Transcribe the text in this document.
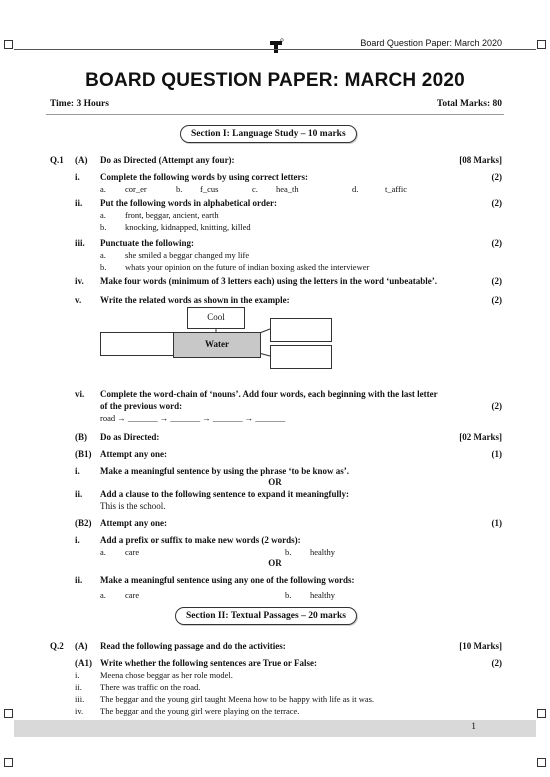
Board Question Paper: March 2020
BOARD QUESTION PAPER: MARCH 2020
Time: 3 Hours	Total Marks: 80
Section I: Language Study – 10 marks
Q.1 (A) Do as Directed (Attempt any four):	[08 Marks]
i. Complete the following words by using correct letters:	(2)
a. cor_er	b. f_cus	c. hea_th	d.	t_affic
ii. Put the following words in alphabetical order:	(2)
a. front, beggar, ancient, earth
b. knocking, kidnapped, knitting, killed
iii. Punctuate the following:	(2)
a. she smiled a beggar changed my life
b. whats your opinion on the future of indian boxing asked the interviewer
iv. Make four words (minimum of 3 letters each) using the letters in the word ‘unbeatable’.	(2)
v. Write the related words as shown in the example:	(2)
Cool
Water
vi. Complete the word-chain of ‘nouns’. Add four words, each beginning with the last letter
of the previous word:	(2)
road → _______ → _______ → _______ → _______
(B) Do as Directed:	[02 Marks]
(B1) Attempt any one:	(1)
i. Make a meaningful sentence by using the phrase ‘to be know as’.
OR
ii. Add a clause to the following sentence to expand it meaningfully:
This is the school.
(B2) Attempt any one:	(1)
i. Add a prefix or suffix to make new words (2 words):
a. care	b. healthy
OR
ii. Make a meaningful sentence using any one of the following words:
a. care	b. healthy
Section II: Textual Passages – 20 marks
Q.2 (A) Read the following passage and do the activities:	[10 Marks]
(A1) Write whether the following sentences are True or False:	(2)
i. Meena chose beggar as her role model.
ii. There was traffic on the road.
iii. The beggar and the young girl taught Meena how to be happy with life as it was.
iv. The beggar and the young girl were playing on the terrace.
1
